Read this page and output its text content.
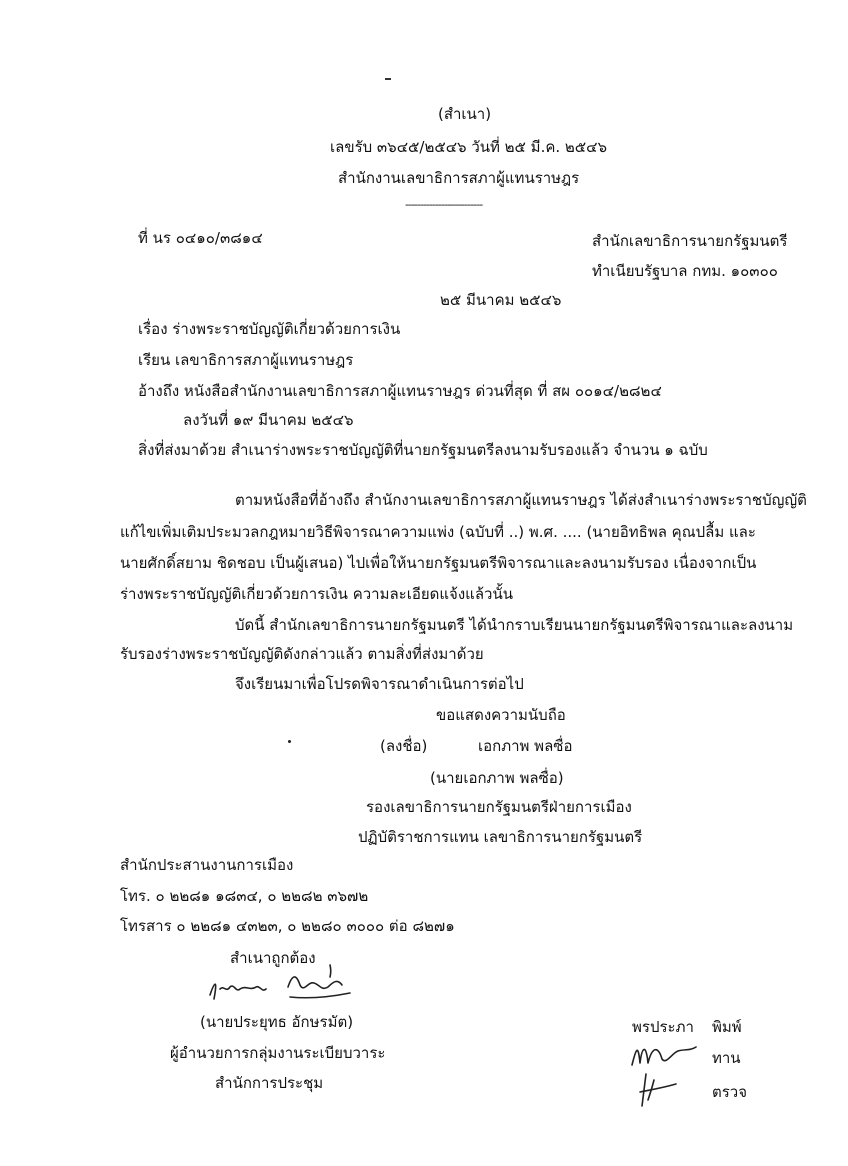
(สำเนา)
เลขรับ ๓๖๔๕/๒๕๔๖ วันที่ ๒๕ มี.ค. ๒๕๔๖
สำนักงานเลขาธิการสภาผู้แทนราษฎร
--------------------------
ที่ นร ๐๔๑๐/๓๘๑๔	สำนักเลขาธิการนายกรัฐมนตรี
ทำเนียบรัฐบาล กทม. ๑๐๓๐๐
๒๕ มีนาคม ๒๕๔๖
เรื่อง ร่างพระราชบัญญัติเกี่ยวด้วยการเงิน
เรียน เลขาธิการสภาผู้แทนราษฎร
อ้างถึง หนังสือสำนักงานเลขาธิการสภาผู้แทนราษฎร ด่วนที่สุด ที่ สผ ๐๐๑๔/๒๘๒๔
ลงวันที่ ๑๙ มีนาคม ๒๕๔๖
สิ่งที่ส่งมาด้วย สำเนาร่างพระราชบัญญัติที่นายกรัฐมนตรีลงนามรับรองแล้ว จำนวน ๑ ฉบับ
ตามหนังสือที่อ้างถึง สำนักงานเลขาธิการสภาผู้แทนราษฎร ได้ส่งสำเนาร่างพระราชบัญญัติ
แก้ไขเพิ่มเติมประมวลกฎหมายวิธีพิจารณาความแพ่ง (ฉบับที่ ..) พ.ศ. .... (นายอิทธิพล คุณปลื้ม และ
นายศักดิ์สยาม ชิดชอบ เป็นผู้เสนอ) ไปเพื่อให้นายกรัฐมนตรีพิจารณาและลงนามรับรอง เนื่องจากเป็น
ร่างพระราชบัญญัติเกี่ยวด้วยการเงิน ความละเอียดแจ้งแล้วนั้น
บัดนี้ สำนักเลขาธิการนายกรัฐมนตรี ได้นำกราบเรียนนายกรัฐมนตรีพิจารณาและลงนาม
รับรองร่างพระราชบัญญัติดังกล่าวแล้ว ตามสิ่งที่ส่งมาด้วย
จึงเรียนมาเพื่อโปรดพิจารณาดำเนินการต่อไป
ขอแสดงความนับถือ
(ลงชื่อ)	เอกภาพ พลซื่อ
(นายเอกภาพ พลซื่อ)
รองเลขาธิการนายกรัฐมนตรีฝ่ายการเมือง
ปฏิบัติราชการแทน เลขาธิการนายกรัฐมนตรี
สำนักประสานงานการเมือง
โทร. ๐ ๒๒๘๑ ๑๘๓๔, ๐ ๒๒๘๒ ๓๖๗๒
โทรสาร ๐ ๒๒๘๑ ๔๓๒๓, ๐ ๒๒๘๐ ๓๐๐๐ ต่อ ๘๒๗๑
สำเนาถูกต้อง
(นายประยุทธ อักษรมัต)
ผู้อำนวยการกลุ่มงานระเบียบวาระ
สำนักการประชุม
พรประภา พิมพ์
ทาน
ตรวจ
